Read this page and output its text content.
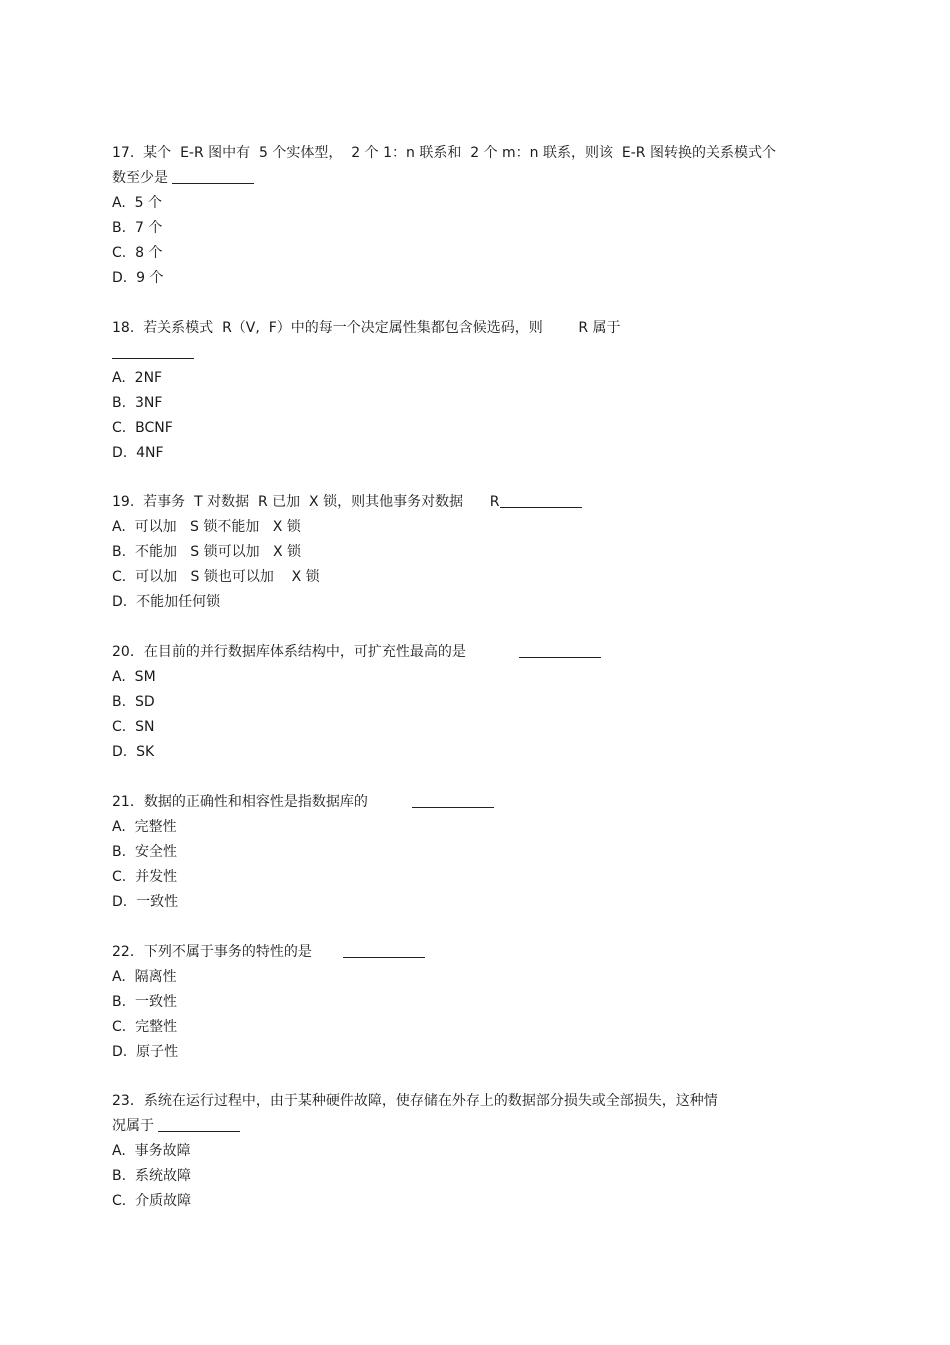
17.  某个  E-R 图中有  5 个实体型，  2 个 1：n 联系和  2 个 m：n 联系，则该  E-R 图转换的关系模式个
数至少是
A.  5 个
B.  7 个
C.  8 个
D.  9 个
18.  若关系模式  R（V,  F）中的每一个决定属性集都包含候选码，则        R 属于
A.  2NF
B.  3NF
C.  BCNF
D.  4NF
19.  若事务  T 对数据  R 已加  X 锁，则其他事务对数据      R
A.  可以加   S 锁不能加   X 锁
B.  不能加   S 锁可以加   X 锁
C.  可以加   S 锁也可以加    X 锁
D.  不能加任何锁
20．在目前的并行数据库体系结构中，可扩充性最高的是
A.  SM
B.  SD
C.  SN
D.  SK
21．数据的正确性和相容性是指数据库的
A.  完整性
B.  安全性
C.  并发性
D.  一致性
22．下列不属于事务的特性的是
A.  隔离性
B.  一致性
C.  完整性
D.  原子性
23．系统在运行过程中，由于某种硬件故障，使存储在外存上的数据部分损失或全部损失，这种情
况属于
A.  事务故障
B.  系统故障
C.  介质故障
